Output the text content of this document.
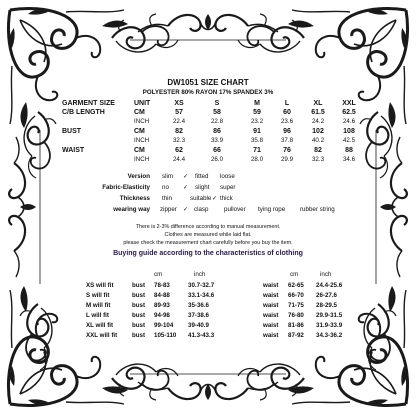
DW1051 SIZE CHART
POLYESTER 80% RAYON 17% SPANDEX 3%
GARMENT SIZE	UNIT	XS	S	M	L	XL	XXL
C/B LENGTH	CM	57	58	59	60	61.5	62.5
INCH	22.4	22.8	23.2	23.6	24.2	24.6
BUST	CM	82	86	91	96	102	108
INCH	32.3	33.9	35.8	37.8	40.2	42.5
WAIST	CM	62	66	71	76	82	88
INCH	24.4	26.0	28.0	29.9	32.3	34.6
Version slim ✓ fitted loose
Fabric-Elasticity no ✓ slight super
Thickness thin	suitable ✓ thick
wearing way zipper ✓ clasp	pullover tying rope rubber string
There is 2-3% difference according to manual measurement.
Clothes are measured while laid flat.
please check the measurement chart carefully before you buy the item.
Buying guide according to the characteristics of clothing
cm	inch	cm	inch
XS will fit	bust 78-83	30.7-32.7	waist 62-65 24.4-25.6
S will fit	bust 84-88	33.1-34.6	waist 66-70 26-27.6
M will fit	bust 89-93	35-36.6	waist 71-75 28-29.5
L will fit	bust 94-98	37-38.6	waist 76-80 29.9-31.5
XL will fit	bust 99-104 39-40.9	waist 81-86 31.9-33.9
XXL will fit bust 105-110 41.3-43.3	waist 87-92 34.3-36.2
